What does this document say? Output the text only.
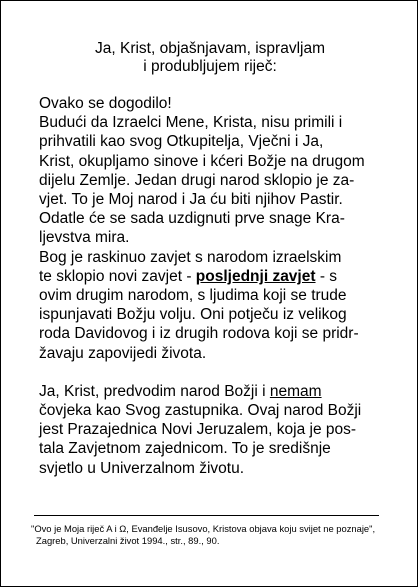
Ja, Krist, objašnjavam, ispravljam
i produbljujem riječ:
Ovako se dogodilo!
Budući da Izraelci Mene, Krista, nisu primili i
prihvatili kao svog Otkupitelja, Vječni i Ja,
Krist, okupljamo sinove i kćeri Božje na drugom
dijelu Zemlje. Jedan drugi narod sklopio je za-
vjet. To je Moj narod i Ja ću biti njihov Pastir.
Odatle će se sada uzdignuti prve snage Kra-
ljevstva mira.
Bog je raskinuo zavjet s narodom izraelskim
te sklopio novi zavjet - posljednji zavjet - s
ovim drugim narodom, s ljudima koji se trude
ispunjavati Božju volju. Oni potječu iz velikog
roda Davidovog i iz drugih rodova koji se pridr-
žavaju zapovijedi života.
Ja, Krist, predvodim narod Božji i nemam
čovjeka kao Svog zastupnika. Ovaj narod Božji
jest Prazajednica Novi Jeruzalem, koja je pos-
tala Zavjetnom zajednicom. To je središnje
svjetlo u Univerzalnom životu.
"Ovo je Moja riječ A i Ω, Evanđelje Isusovo, Kristova objava koju svijet ne poznaje",
Zagreb, Univerzalni život 1994., str., 89., 90.
